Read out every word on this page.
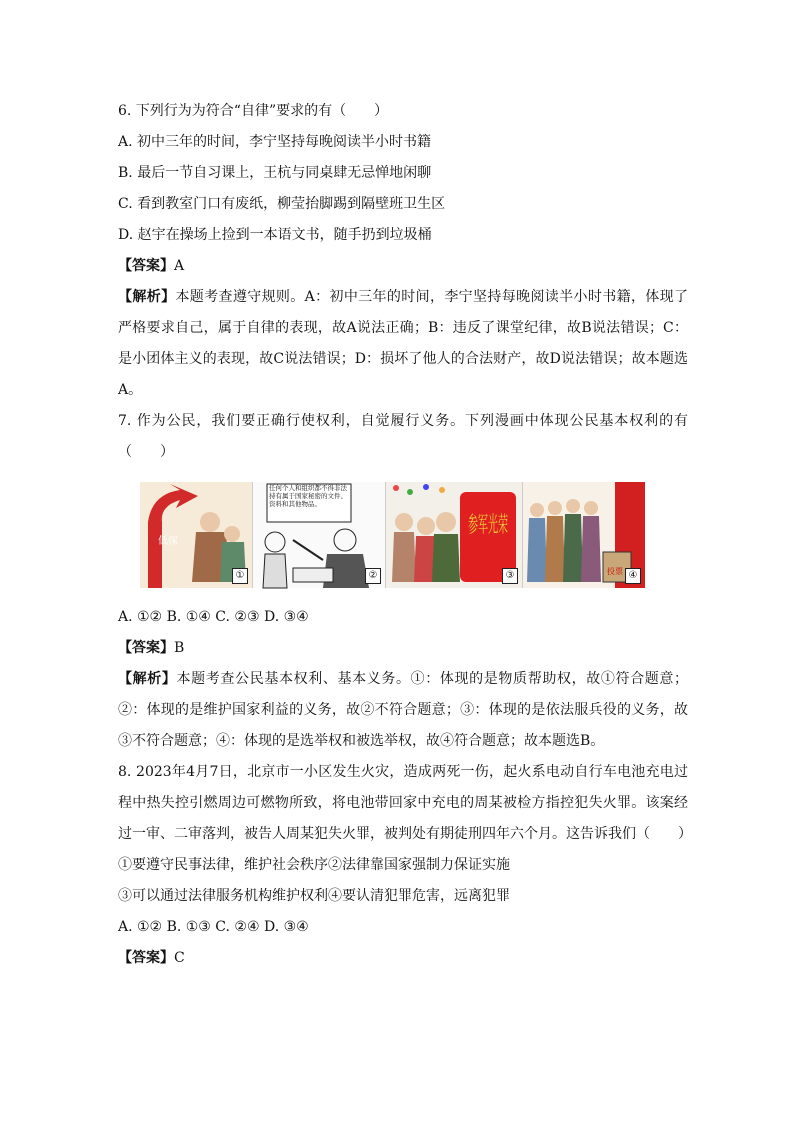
6. 下列行为为符合“自律”要求的有（　　）
A. 初中三年的时间，李宁坚持每晚阅读半小时书籍
B. 最后一节自习课上，王杭与同桌肆无忌惮地闲聊
C. 看到教室门口有废纸，柳莹抬脚踢到隔壁班卫生区
D. 赵宇在操场上捡到一本语文书，随手扔到垃圾桶
【答案】A
【解析】本题考查遵守规则。A：初中三年的时间，李宁坚持每晚阅读半小时书籍，体现了严格要求自己，属于自律的表现，故A说法正确；B：违反了课堂纪律，故B说法错误；C：是小团体主义的表现，故C说法错误；D：损坏了他人的合法财产，故D说法错误；故本题选A。
7. 作为公民，我们要正确行使权利，自觉履行义务。下列漫画中体现公民基本权利的有（　　）
低保
①
任何个人和组织都不得非法持有属于国家秘密的文件、资料和其他物品。
②
参军光荣
③	投票 ④
A. ①② B. ①④ C. ②③ D. ③④
【答案】B
【解析】本题考查公民基本权利、基本义务。①：体现的是物质帮助权，故①符合题意；②：体现的是维护国家利益的义务，故②不符合题意；③：体现的是依法服兵役的义务，故③不符合题意；④：体现的是选举权和被选举权，故④符合题意；故本题选B。
8. 2023年4月7日，北京市一小区发生火灾，造成两死一伤，起火系电动自行车电池充电过程中热失控引燃周边可燃物所致，将电池带回家中充电的周某被检方指控犯失火罪。该案经过一审、二审落判，被告人周某犯失火罪，被判处有期徒刑四年六个月。这告诉我们（　　）
①要遵守民事法律，维护社会秩序②法律靠国家强制力保证实施
③可以通过法律服务机构维护权利④要认清犯罪危害，远离犯罪
A. ①② B. ①③ C. ②④ D. ③④
【答案】C
